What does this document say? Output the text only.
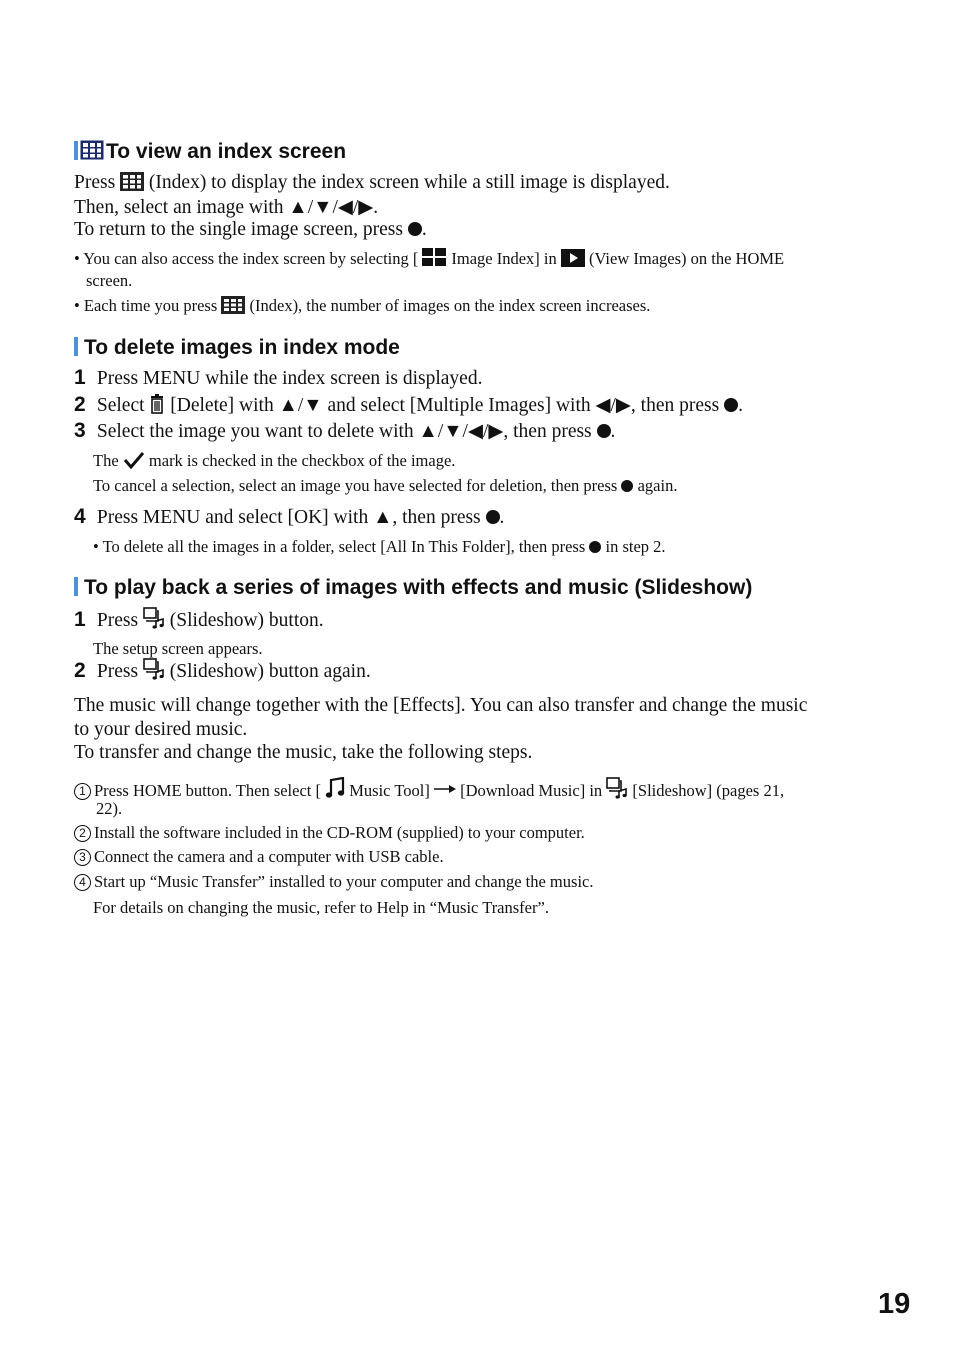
To view an index screen
Press (Index) to display the index screen while a still image is displayed.
Then, select an image with ▲/▼/◀/▶.
To return to the single image screen, press .
• You can also access the index screen by selecting [ Image Index] in (View Images) on the HOME
screen.
• Each time you press (Index), the number of images on the index screen increases.
To delete images in index mode
1 Press MENU while the index screen is displayed.
2 Select [Delete] with ▲/▼ and select [Multiple Images] with ◀/▶, then press .
3 Select the image you want to delete with ▲/▼/◀/▶, then press .
The mark is checked in the checkbox of the image.
To cancel a selection, select an image you have selected for deletion, then press again.
4 Press MENU and select [OK] with ▲, then press .
• To delete all the images in a folder, select [All In This Folder], then press in step 2.
To play back a series of images with effects and music (Slideshow)
1 Press (Slideshow) button.
The setup screen appears.
2 Press (Slideshow) button again.
The music will change together with the [Effects]. You can also transfer and change the music
to your desired music.
To transfer and change the music, take the following steps.
1 Press HOME button. Then select [ Music Tool] [Download Music] in [Slideshow] (pages 21,
22).
2 Install the software included in the CD-ROM (supplied) to your computer.
3 Connect the camera and a computer with USB cable.
4 Start up “Music Transfer” installed to your computer and change the music.
For details on changing the music, refer to Help in “Music Transfer”.
19
